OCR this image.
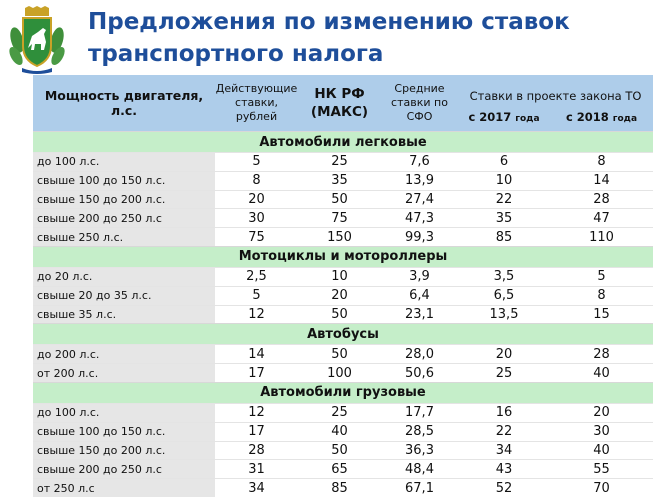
Предложения по изменению ставок
транспортного налога
Мощность двигателя, л.с.	Действующие ставки, рублей	НК РФ (МАКС)	Средние ставки по СФО	Ставки в проекте закона ТО	
				с 2017 года	с 2018 года
Автомобили легковые					
до 100 л.с.	5	25	7,6	6	8
свыше 100 до 150 л.с.	8	35	13,9	10	14
свыше 150 до 200 л.с.	20	50	27,4	22	28
свыше 200 до 250 л.с	30	75	47,3	35	47
свыше 250 л.с.	75	150	99,3	85	110
Мотоциклы и мотороллеры					
до 20 л.с.	2,5	10	3,9	3,5	5
свыше 20 до 35 л.с.	5	20	6,4	6,5	8
свыше 35 л.с.	12	50	23,1	13,5	15
Автобусы					
до 200 л.с.	14	50	28,0	20	28
от 200 л.с.	17	100	50,6	25	40
Автомобили грузовые					
до 100 л.с.	12	25	17,7	16	20
свыше 100 до 150 л.с.	17	40	28,5	22	30
свыше 150 до 200 л.с.	28	50	36,3	34	40
свыше 200 до 250 л.с	31	65	48,4	43	55
от 250 л.с	34	85	67,1	52	70
